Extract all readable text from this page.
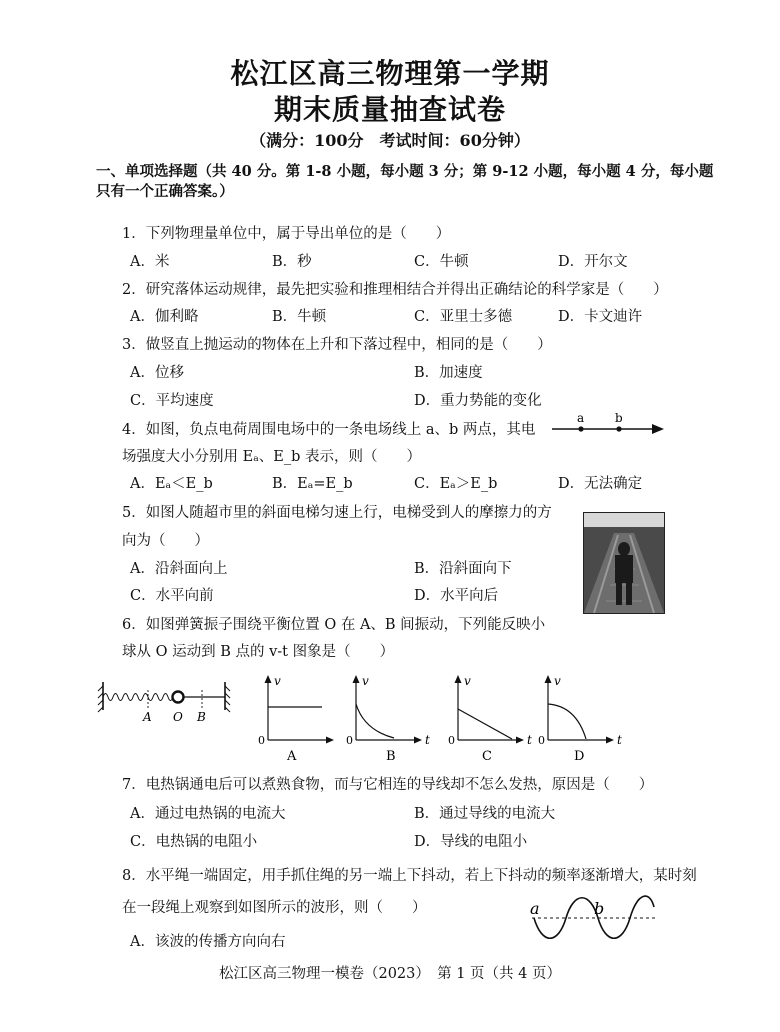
松江区高三物理第一学期
期末质量抽查试卷
（满分：100分　考试时间：60分钟）
一、单项选择题（共 40 分。第 1-8 小题，每小题 3 分；第 9-12 小题，每小题 4 分，每小题
只有一个正确答案。）
1．下列物理量单位中，属于导出单位的是（　　）
A．米	B．秒	C．牛顿	D．开尔文
2．研究落体运动规律，最先把实验和推理相结合并得出正确结论的科学家是（　　）
A．伽利略	B．牛顿	C．亚里士多德	D．卡文迪许
3．做竖直上抛运动的物体在上升和下落过程中，相同的是（　　）
A．位移	B．加速度
C．平均速度	D．重力势能的变化
4．如图，负点电荷周围电场中的一条电场线上 a、b 两点，其电
场强度大小分别用 Eₐ、E_b 表示，则（　　）
a	b
A．Eₐ＜E_b	B．Eₐ=E_b	C．Eₐ＞E_b	D．无法确定
5．如图人随超市里的斜面电梯匀速上行，电梯受到人的摩擦力的方
向为（　　）
A．沿斜面向上	B．沿斜面向下
C．水平向前	D．水平向后
6．如图弹簧振子围绕平衡位置 O 在 A、B 间振动，下列能反映小
球从 O 运动到 B 点的 v-t 图象是（　　）
A O B
v
0
A
v
t
0
B
v
t
0
C
v
t
0
D
7．电热锅通电后可以煮熟食物，而与它相连的导线却不怎么发热，原因是（　　）
A．通过电热锅的电流大	B．通过导线的电流大
C．电热锅的电阻小	D．导线的电阻小
8．水平绳一端固定，用手抓住绳的另一端上下抖动，若上下抖动的频率逐渐增大，某时刻
在一段绳上观察到如图所示的波形，则（　　）
A．该波的传播方向向右
a	b
松江区高三物理一模卷（2023）　第 1 页（共 4 页）
